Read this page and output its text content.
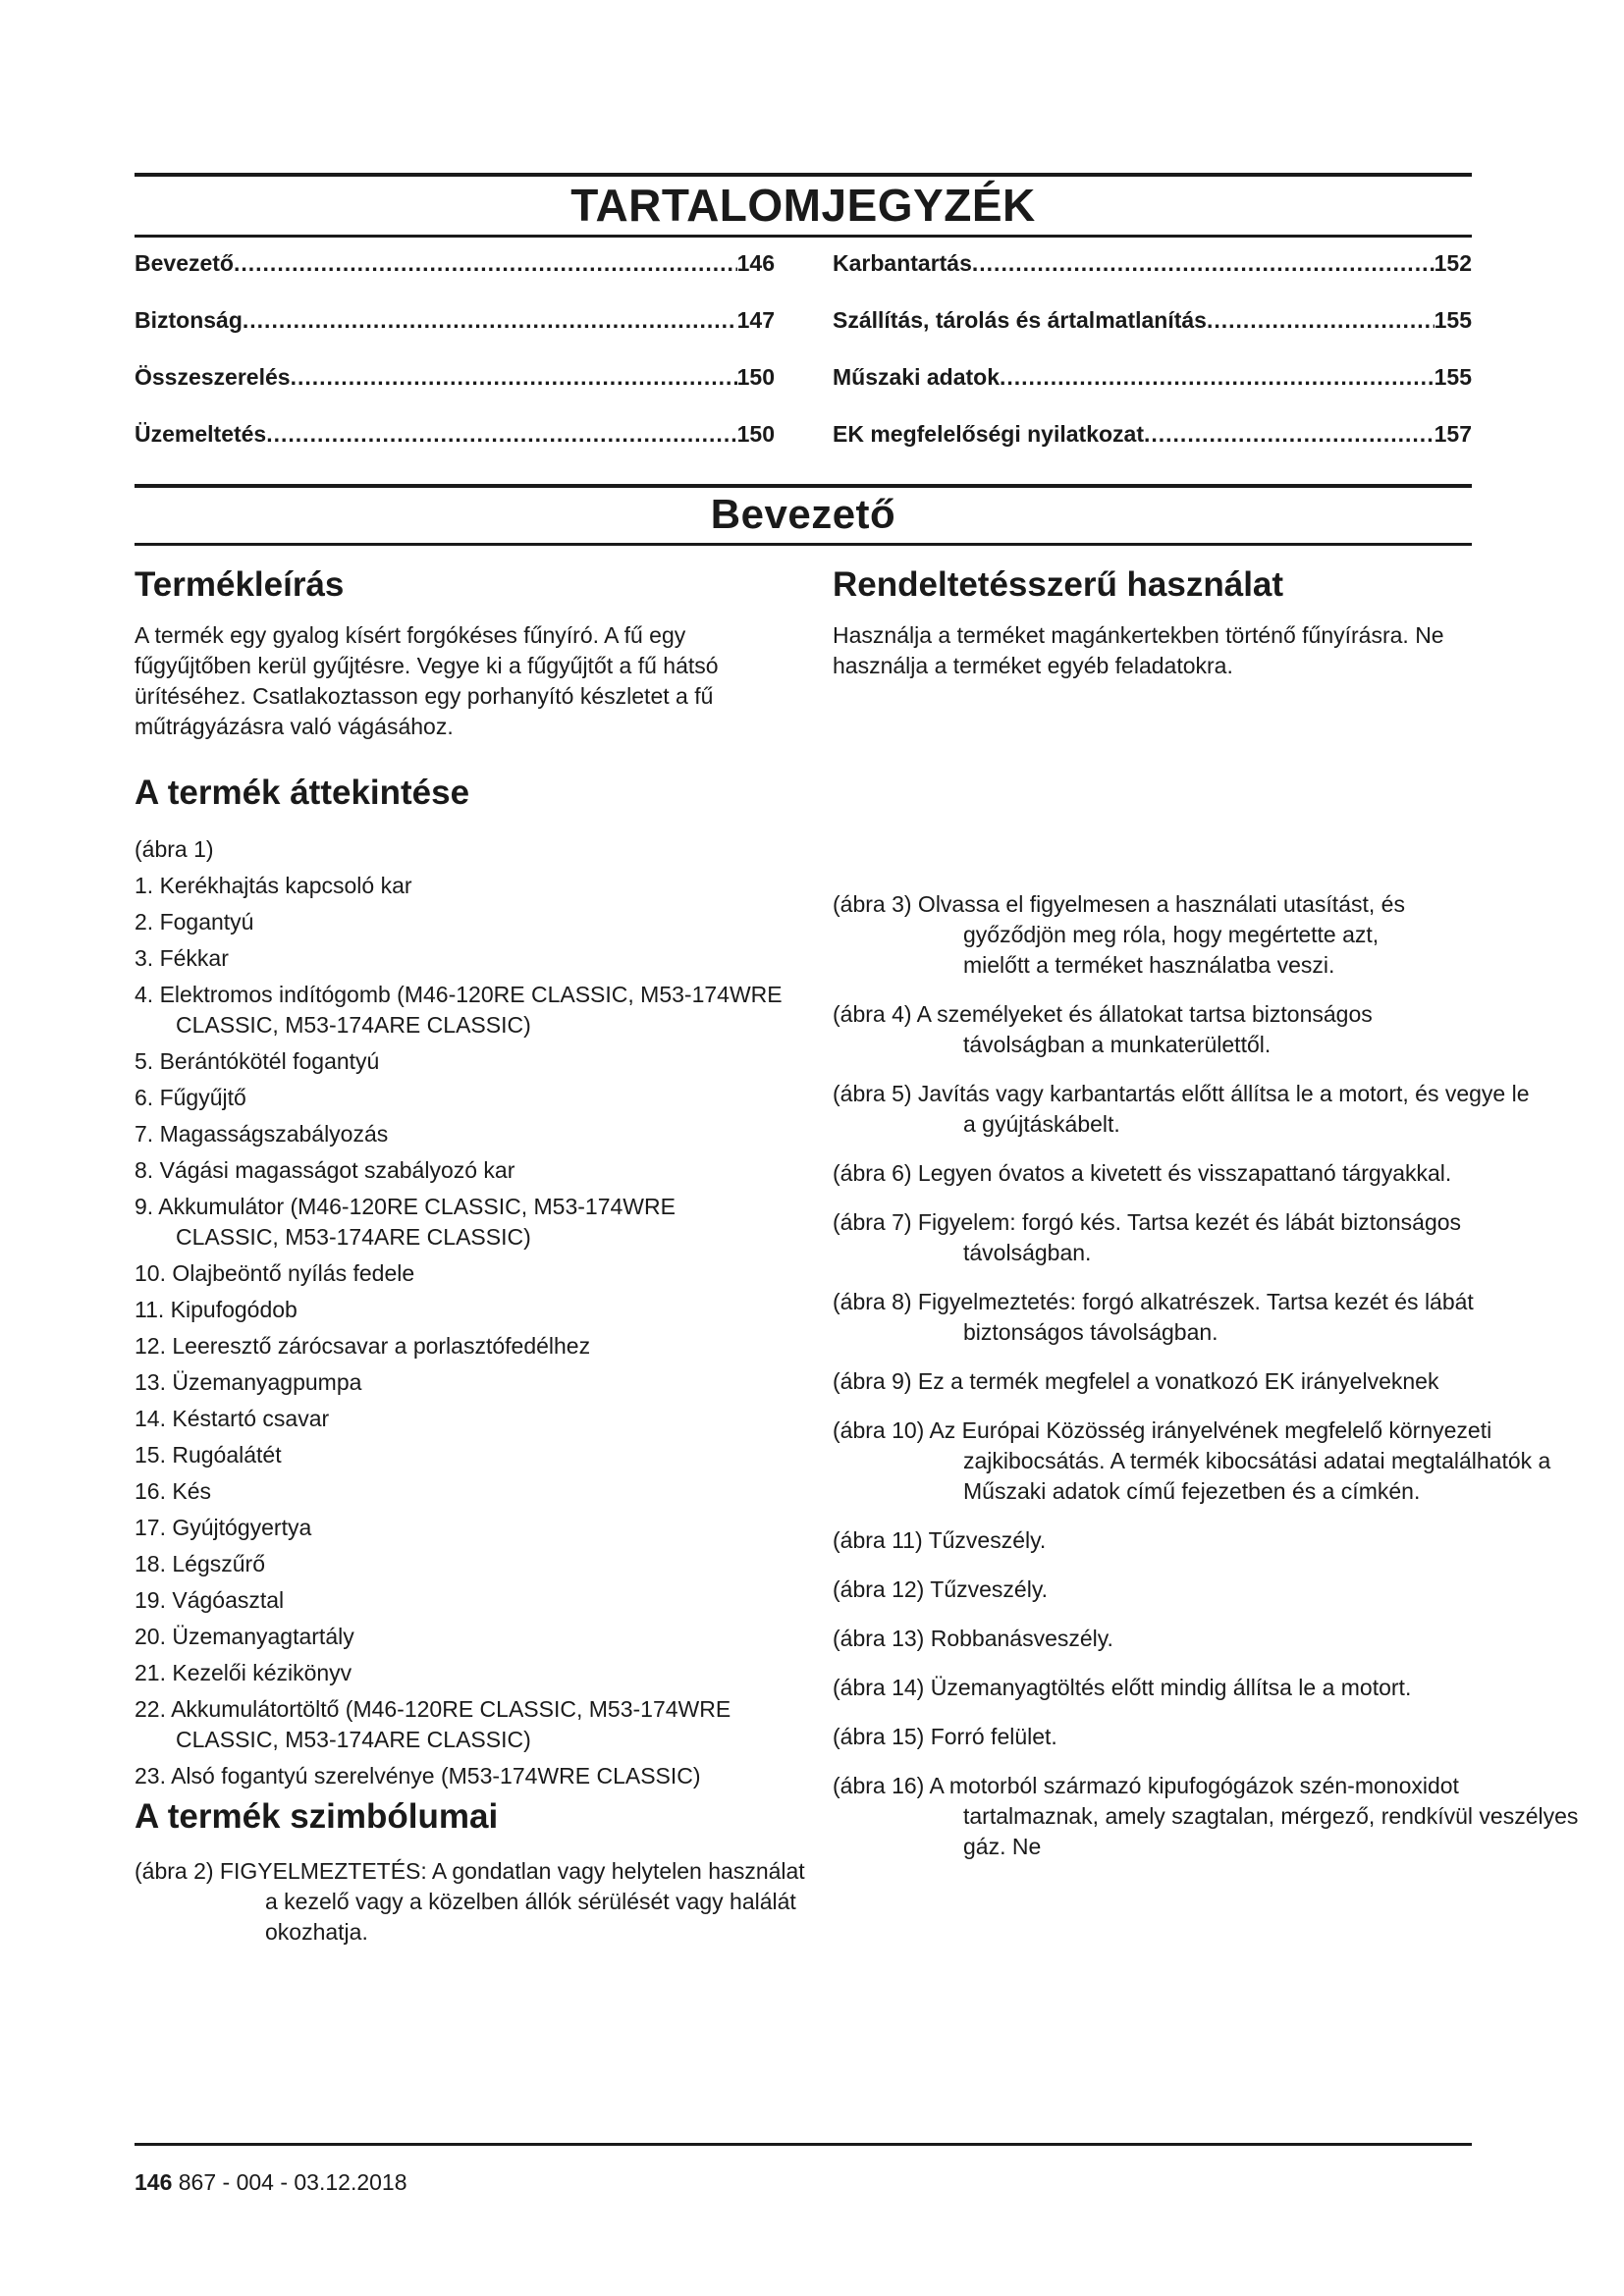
TARTALOMJEGYZÉK
Bevezető .....	146
Biztonság .....	147
Összeszerelés .....	150
Üzemeltetés .....	150
Karbantartás .....	152
Szállítás, tárolás és ártalmatlanítás .....	155
Műszaki adatok .....	155
EK megfelelőségi nyilatkozat .....	157
Bevezető
Termékleírás

A termék egy gyalog kísért forgókéses fűnyíró. A fű egy fűgyűjtőben kerül gyűjtésre. Vegye ki a fűgyűjtőt a fű hátsó ürítéséhez. Csatlakoztasson egy porhanyító készletet a fű műtrágyázásra való vágásához.

A termék áttekintése
(ábra 1)
1. Kerékhajtás kapcsoló kar
2. Fogantyú
3. Fékkar
4. Elektromos indítógomb (M46-120RE CLASSIC, M53-174WRE CLASSIC, M53-174ARE CLASSIC)
5. Berántókötél fogantyú
6. Fűgyűjtő
7. Magasságszabályozás
8. Vágási magasságot szabályozó kar
9. Akkumulátor (M46-120RE CLASSIC, M53-174WRE CLASSIC, M53-174ARE CLASSIC)
10. Olajbeöntő nyílás fedele
11. Kipufogódob
12. Leeresztő zárócsavar a porlasztófedélhez
13. Üzemanyagpumpa
14. Késtartó csavar
15. Rugóalátét
16. Kés
17. Gyújtógyertya
18. Légszűrő
19. Vágóasztal
20. Üzemanyagtartály
21. Kezelői kézikönyv
22. Akkumulátortöltő (M46-120RE CLASSIC, M53-174WRE CLASSIC, M53-174ARE CLASSIC)
23. Alsó fogantyú szerelvénye (M53-174WRE CLASSIC)
A termék szimbólumai
(ábra 2) FIGYELMEZTETÉS: A gondatlan vagy helytelen használat a kezelő vagy a közelben állók sérülését vagy halálát okozhatja.
Rendeltetésszerű használat

Használja a terméket magánkertekben történő fűnyírásra. Ne használja a terméket egyéb feladatokra.

(ábra 3) Olvassa el figyelmesen a használati utasítást, és győződjön meg róla, hogy megértette azt, mielőtt a terméket használatba veszi.
(ábra 4) A személyeket és állatokat tartsa biztonságos távolságban a munkaterülettől.
(ábra 5) Javítás vagy karbantartás előtt állítsa le a motort, és vegye le a gyújtáskábelt.
(ábra 6) Legyen óvatos a kivetett és visszapattanó tárgyakkal.
(ábra 7) Figyelem: forgó kés. Tartsa kezét és lábát biztonságos távolságban.
(ábra 8) Figyelmeztetés: forgó alkatrészek. Tartsa kezét és lábát biztonságos távolságban.
(ábra 9) Ez a termék megfelel a vonatkozó EK irányelveknek
(ábra 10) Az Európai Közösség irányelvének megfelelő környezeti zajkibocsátás. A termék kibocsátási adatai megtalálhatók a Műszaki adatok című fejezetben és a címkén.
(ábra 11) Tűzveszély.
(ábra 12) Tűzveszély.
(ábra 13) Robbanásveszély.
(ábra 14) Üzemanyagtöltés előtt mindig állítsa le a motort.
(ábra 15) Forró felület.
(ábra 16) A motorból származó kipufogógázok szén-monoxidot tartalmaznak, amely szagtalan, mérgező, rendkívül veszélyes gáz. Ne
146 867 - 004 - 03.12.2018
